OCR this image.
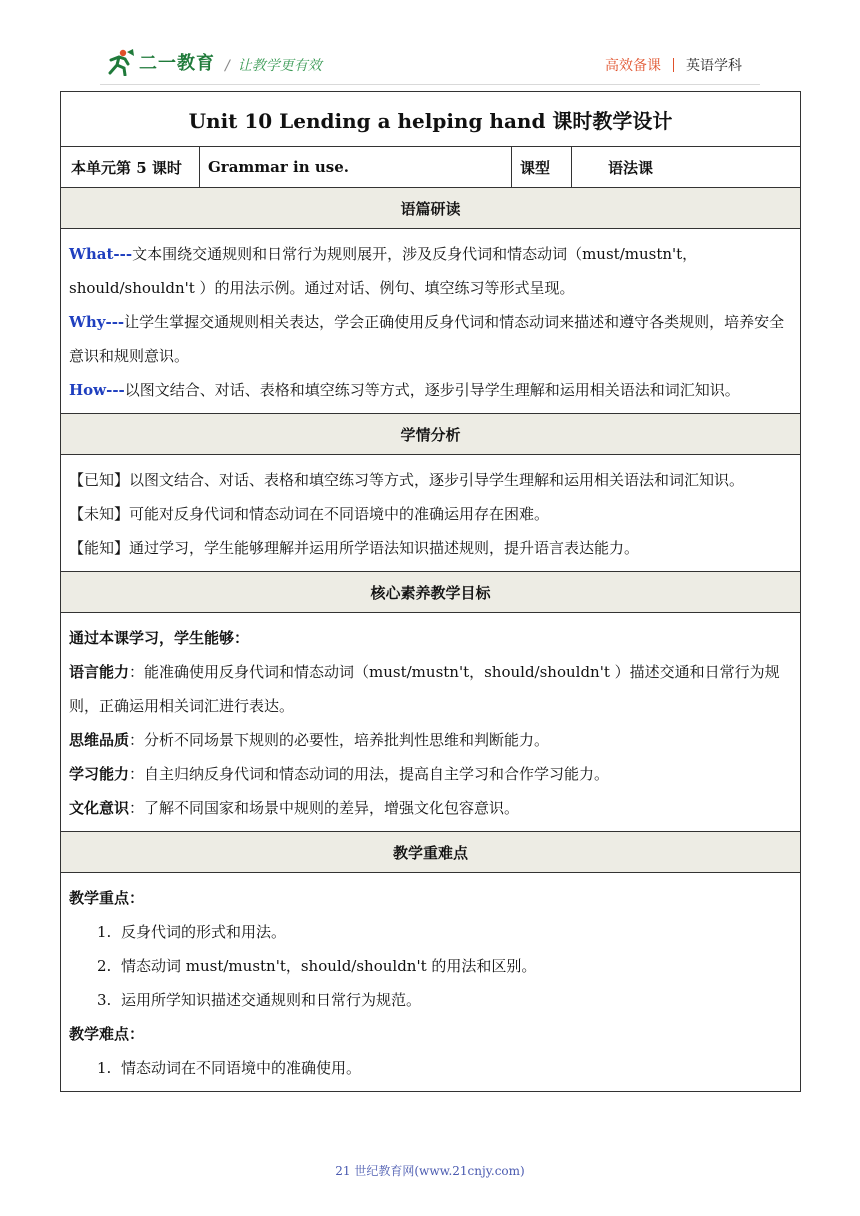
二一教育 / 让教学更有效	高效备课 英语学科
Unit 10 Lending a helping hand 课时教学设计
本单元第 5 课时	Grammar in use.	课型	语法课
语篇研读

What---文本围绕交通规则和日常行为规则展开，涉及反身代词和情态动词（must/mustn't，should/shouldn't ）的用法示例。通过对话、例句、填空练习等形式呈现。
Why---让学生掌握交通规则相关表达，学会正确使用反身代词和情态动词来描述和遵守各类规则，培养安全意识和规则意识。
How---以图文结合、对话、表格和填空练习等方式，逐步引导学生理解和运用相关语法和词汇知识。

学情分析

【已知】以图文结合、对话、表格和填空练习等方式，逐步引导学生理解和运用相关语法和词汇知识。
【未知】可能对反身代词和情态动词在不同语境中的准确运用存在困难。
【能知】通过学习，学生能够理解并运用所学语法知识描述规则，提升语言表达能力。

核心素养教学目标

通过本课学习，学生能够：
语言能力：能准确使用反身代词和情态动词（must/mustn't，should/shouldn't ）描述交通和日常行为规则，正确运用相关词汇进行表达。
思维品质：分析不同场景下规则的必要性，培养批判性思维和判断能力。
学习能力：自主归纳反身代词和情态动词的用法，提高自主学习和合作学习能力。
文化意识：了解不同国家和场景中规则的差异，增强文化包容意识。

教学重难点

教学重点：
1. 反身代词的形式和用法。
2. 情态动词 must/mustn't，should/shouldn't 的用法和区别。
3. 运用所学知识描述交通规则和日常行为规范。
教学难点：
1. 情态动词在不同语境中的准确使用。
21 世纪教育网(www.21cnjy.com)
